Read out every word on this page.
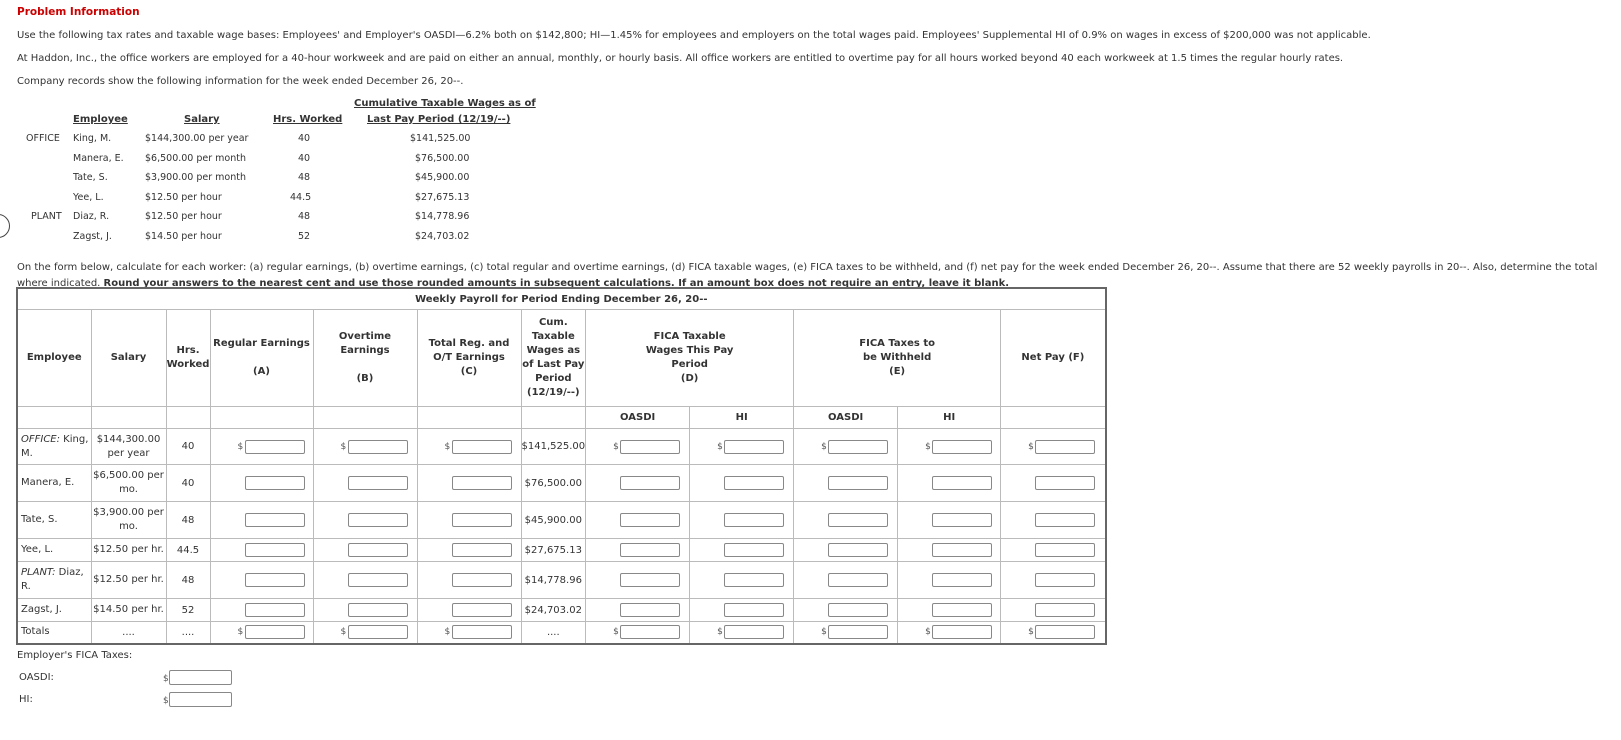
Problem Information
Use the following tax rates and taxable wage bases: Employees' and Employer's OASDI—6.2% both on $142,800; HI—1.45% for employees and employers on the total wages paid. Employees' Supplemental HI of 0.9% on wages in excess of $200,000 was not applicable.
At Haddon, Inc., the office workers are employed for a 40-hour workweek and are paid on either an annual, monthly, or hourly basis. All office workers are entitled to overtime pay for all hours worked beyond 40 each workweek at 1.5 times the regular hourly rates.
Company records show the following information for the week ended December 26, 20--.
Employee	Salary	Hrs. Worked
Cumulative Taxable Wages as of
Last Pay Period (12/19/--)
OFFICE King, M.	$144,300.00 per year	40	$141,525.00
Manera, E. $6,500.00 per month	40	$76,500.00
Tate, S.	$3,900.00 per month	48	$45,900.00
Yee, L.	$12.50 per hour	44.5	$27,675.13
PLANT Diaz, R.	$12.50 per hour	48	$14,778.96
Zagst, J.	$14.50 per hour	52	$24,703.02
On the form below, calculate for each worker: (a) regular earnings, (b) overtime earnings, (c) total regular and overtime earnings, (d) FICA taxable wages, (e) FICA taxes to be withheld, and (f) net pay for the week ended December 26, 20--. Assume that there are 52 weekly payrolls in 20--. Also, determine the total where indicated. Round your answers to the nearest cent and use those rounded amounts in subsequent calculations. If an amount box does not require an entry, leave it blank.
Weekly Payroll for Period Ending December 26, 20--											
Employee	Salary	Hrs. Worked	Regular Earnings

(A)	Overtime Earnings

(B)	Total Reg. and O/T Earnings
(C)	Cum. Taxable Wages as of Last Pay Period (12/19/--)	FICA Taxable Wages This Pay Period
(D)		FICA Taxes to be Withheld
(E)		Net Pay (F)
							OASDI	HI	OASDI	HI	
OFFICE: King, M.	$144,300.00 per year	40	$	$	$	$141,525.00	$	$	$	$	$

Manera, E.	$6,500.00 per mo.	40				$76,500.00	

Tate, S.	$3,900.00 per mo.	48				$45,900.00	

Yee, L.	$12.50 per hr.	44.5				$27,675.13	

PLANT: Diaz, R.	$12.50 per hr.	48				$14,778.96	

Zagst, J.	$14.50 per hr.	52				$24,703.02	

Totals	....	....	$	$	$	....	$	$	$	$	$
Employer's FICA Taxes:
OASDI:	$
HI:	$
